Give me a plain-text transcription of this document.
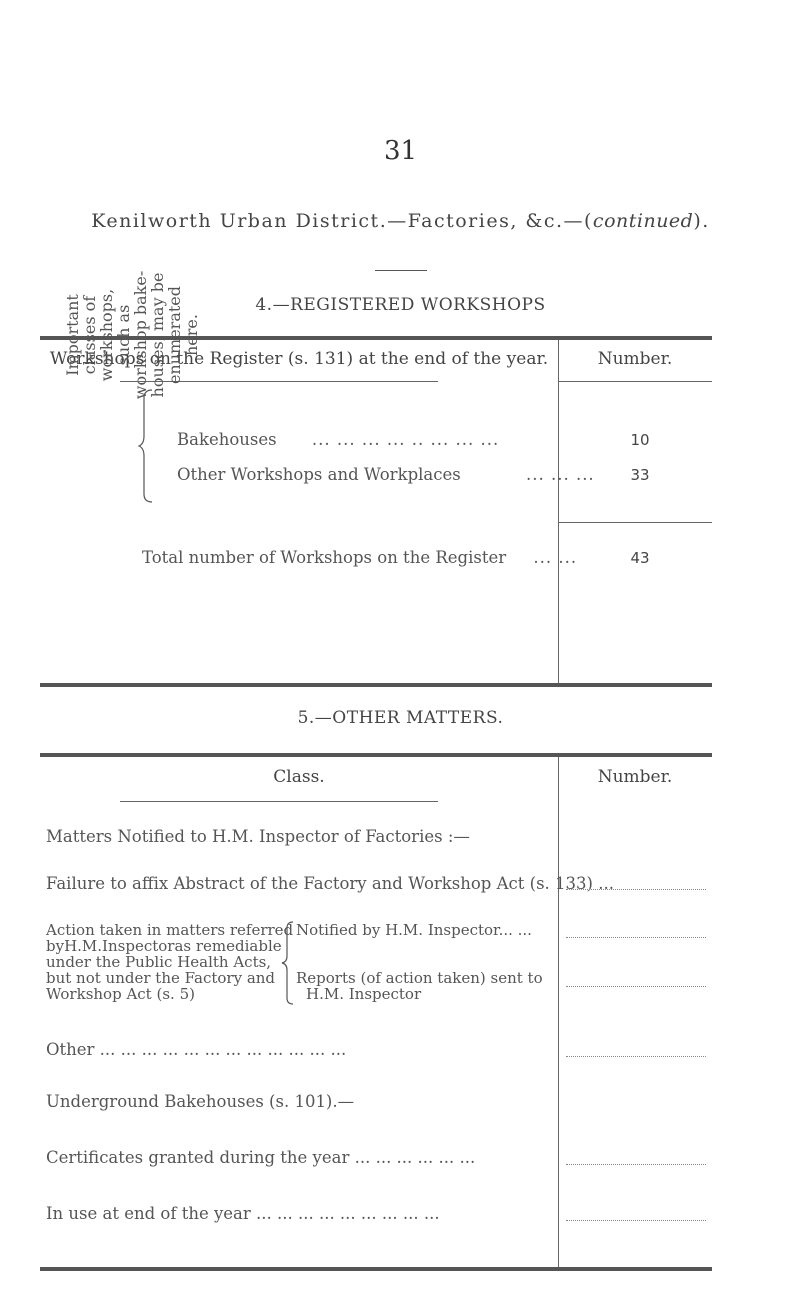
31
Kenilworth Urban District.—Factories, &c.—(continued).
4.—REGISTERED WORKSHOPS
Workshops on the Register (s. 131) at the end of the year.	Number.
Important classes of workshops, such as workshop bake-houses, may be enumerated here.
Bakehouses ... ... ... ... .. ... ... ...	10
Other Workshops and Workplaces	... ... ...	33
Total number of Workshops on the Register ... ...	43
5.—OTHER MATTERS.
Class.	Number.
Matters Notified to H.M. Inspector of Factories :—
Failure to affix Abstract of the Factory and Workshop Act (s. 133) ...
Action taken in matters referred
byH.M.Inspectoras remediable
under the Public Health Acts,
but not under the Factory and
Workshop Act (s. 5)
Notified by H.M. Inspector... ...
Reports (of action taken) sent to
H.M. Inspector
Other ... ... ... ... ... ... ... ... ... ... ... ...
Underground Bakehouses (s. 101).—
Certificates granted during the year ... ... ... ... ... ...
In use at end of the year ... ... ... ... ... ... ... ... ...
